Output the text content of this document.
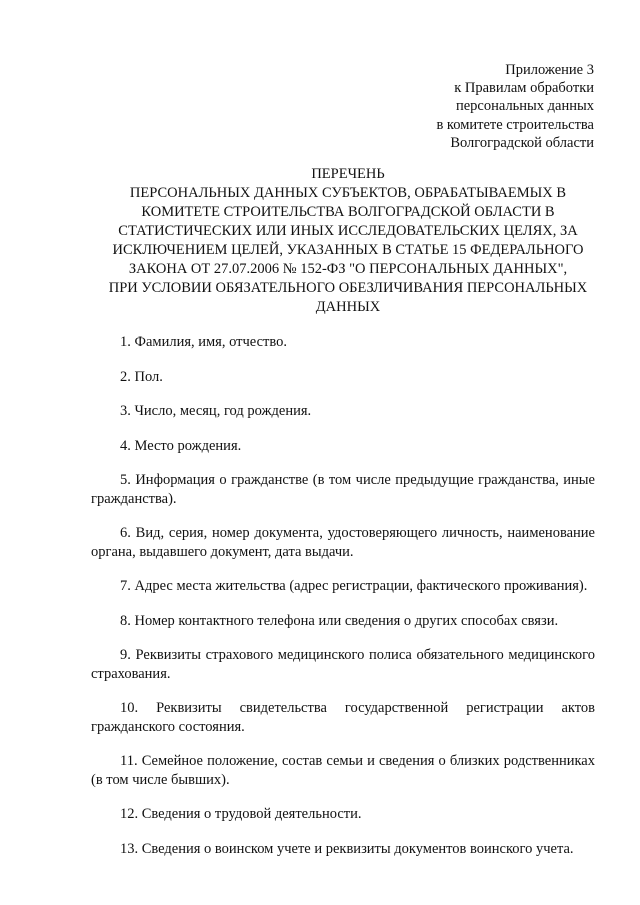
Приложение 3
к Правилам обработки
персональных данных
в комитете строительства
Волгоградской области
ПЕРЕЧЕНЬ
ПЕРСОНАЛЬНЫХ ДАННЫХ СУБЪЕКТОВ, ОБРАБАТЫВАЕМЫХ В
КОМИТЕТЕ СТРОИТЕЛЬСТВА ВОЛГОГРАДСКОЙ ОБЛАСТИ В
СТАТИСТИЧЕСКИХ ИЛИ ИНЫХ ИССЛЕДОВАТЕЛЬСКИХ ЦЕЛЯХ, ЗА
ИСКЛЮЧЕНИЕМ ЦЕЛЕЙ, УКАЗАННЫХ В СТАТЬЕ 15 ФЕДЕРАЛЬНОГО
ЗАКОНА ОТ 27.07.2006 № 152-ФЗ "О ПЕРСОНАЛЬНЫХ ДАННЫХ",
ПРИ УСЛОВИИ ОБЯЗАТЕЛЬНОГО ОБЕЗЛИЧИВАНИЯ ПЕРСОНАЛЬНЫХ
ДАННЫХ

1. Фамилия, имя, отчество.

2. Пол.

3. Число, месяц, год рождения.

4. Место рождения.

5. Информация о гражданстве (в том числе предыдущие гражданства, иные гражданства).

6. Вид, серия, номер документа, удостоверяющего личность, наименование органа, выдавшего документ, дата выдачи.

7. Адрес места жительства (адрес регистрации, фактического проживания).

8. Номер контактного телефона или сведения о других способах связи.

9. Реквизиты страхового медицинского полиса обязательного медицинского страхования.

10. Реквизиты свидетельства государственной регистрации актов гражданского состояния.

11. Семейное положение, состав семьи и сведения о близких родственниках (в том числе бывших).

12. Сведения о трудовой деятельности.

13. Сведения о воинском учете и реквизиты документов воинского учета.
